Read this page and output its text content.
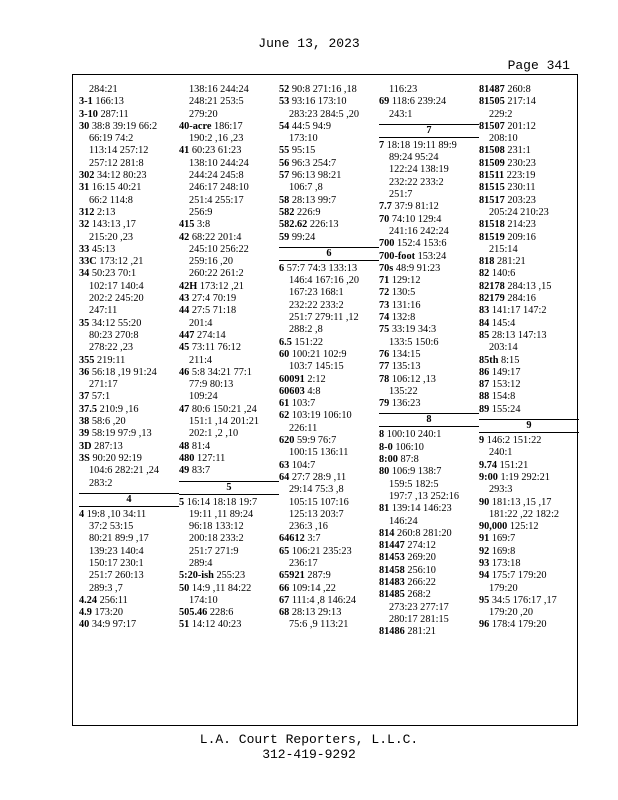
June 13, 2023
Page 341
284:21
3-1 166:13
3-10 287:11
30 38:8 39:19 66:2
66:19 74:2
113:14 257:12
257:12 281:8
302 34:12 80:23
31 16:15 40:21
66:2 114:8
312 2:13
32 143:13 ,17
215:20 ,23
33 45:13
33C 173:12 ,21
34 50:23 70:1
102:17 140:4
202:2 245:20
247:11
35 34:12 55:20
80:23 270:8
278:22 ,23
355 219:11
36 56:18 ,19 91:24
271:17
37 57:1
37.5 210:9 ,16
38 58:6 ,20
39 58:19 97:9 ,13
3D 287:13
3S 90:20 92:19
104:6 282:21 ,24
283:2
4
4 19:8 ,10 34:11
37:2 53:15
80:21 89:9 ,17
139:23 140:4
150:17 230:1
251:7 260:13
289:3 ,7
4.24 256:11
4.9 173:20
40 34:9 97:17
138:16 244:24
248:21 253:5
279:20
40-acre 186:17
190:2 ,16 ,23
41 60:23 61:23
138:10 244:24
244:24 245:8
246:17 248:10
251:4 255:17
256:9
415 3:8
42 68:22 201:4
245:10 256:22
259:16 ,20
260:22 261:2
42H 173:12 ,21
43 27:4 70:19
44 27:5 71:18
201:4
447 274:14
45 73:11 76:12
211:4
46 5:8 34:21 77:1
77:9 80:13
109:24
47 80:6 150:21 ,24
151:1 ,14 201:21
202:1 ,2 ,10
48 81:4
480 127:11
49 83:7
5
5 16:14 18:18 19:7
19:11 ,11 89:24
96:18 133:12
200:18 233:2
251:7 271:9
289:4
5:20-ish 255:23
50 14:9 ,11 84:22
174:10
505.46 228:6
51 14:12 40:23
52 90:8 271:16 ,18
53 93:16 173:10
283:23 284:5 ,20
54 44:5 94:9
173:10
55 95:15
56 96:3 254:7
57 96:13 98:21
106:7 ,8
58 28:13 99:7
582 226:9
582.62 226:13
59 99:24
6
6 57:7 74:3 133:13
146:4 167:16 ,20
167:23 168:1
232:22 233:2
251:7 279:11 ,12
288:2 ,8
6.5 151:22
60 100:21 102:9
103:7 145:15
60091 2:12
60603 4:8
61 103:7
62 103:19 106:10
226:11
620 59:9 76:7
100:15 136:11
63 104:7
64 27:7 28:9 ,11
29:14 75:3 ,8
105:15 107:16
125:13 203:7
236:3 ,16
64612 3:7
65 106:21 235:23
236:17
65921 287:9
66 109:14 ,22
67 111:4 ,8 146:24
68 28:13 29:13
75:6 ,9 113:21
116:23
69 118:6 239:24
243:1
7
7 18:18 19:11 89:9
89:24 95:24
122:24 138:19
232:22 233:2
251:7
7.7 37:9 81:12
70 74:10 129:4
241:16 242:24
700 152:4 153:6
700-foot 153:24
70s 48:9 91:23
71 129:12
72 130:5
73 131:16
74 132:8
75 33:19 34:3
133:5 150:6
76 134:15
77 135:13
78 106:12 ,13
135:22
79 136:23
8
8 100:10 240:1
8-0 106:10
8:00 87:8
80 106:9 138:7
159:5 182:5
197:7 ,13 252:16
81 139:14 146:23
146:24
814 260:8 281:20
81447 274:12
81453 269:20
81458 256:10
81483 266:22
81485 268:2
273:23 277:17
280:17 281:15
81486 281:21
81487 260:8
81505 217:14
229:2
81507 201:12
208:10
81508 231:1
81509 230:23
81511 223:19
81515 230:11
81517 203:23
205:24 210:23
81518 214:23
81519 209:16
215:14
818 281:21
82 140:6
82178 284:13 ,15
82179 284:16
83 141:17 147:2
84 145:4
85 28:13 147:13
203:14
85th 8:15
86 149:17
87 153:12
88 154:8
89 155:24
9
9 146:2 151:22
240:1
9.74 151:21
9:00 1:19 292:21
293:3
90 181:13 ,15 ,17
181:22 ,22 182:2
90,000 125:12
91 169:7
92 169:8
93 173:18
94 175:7 179:20
179:20
95 34:5 176:17 ,17
179:20 ,20
96 178:4 179:20
L.A. Court Reporters, L.L.C.
312-419-9292
